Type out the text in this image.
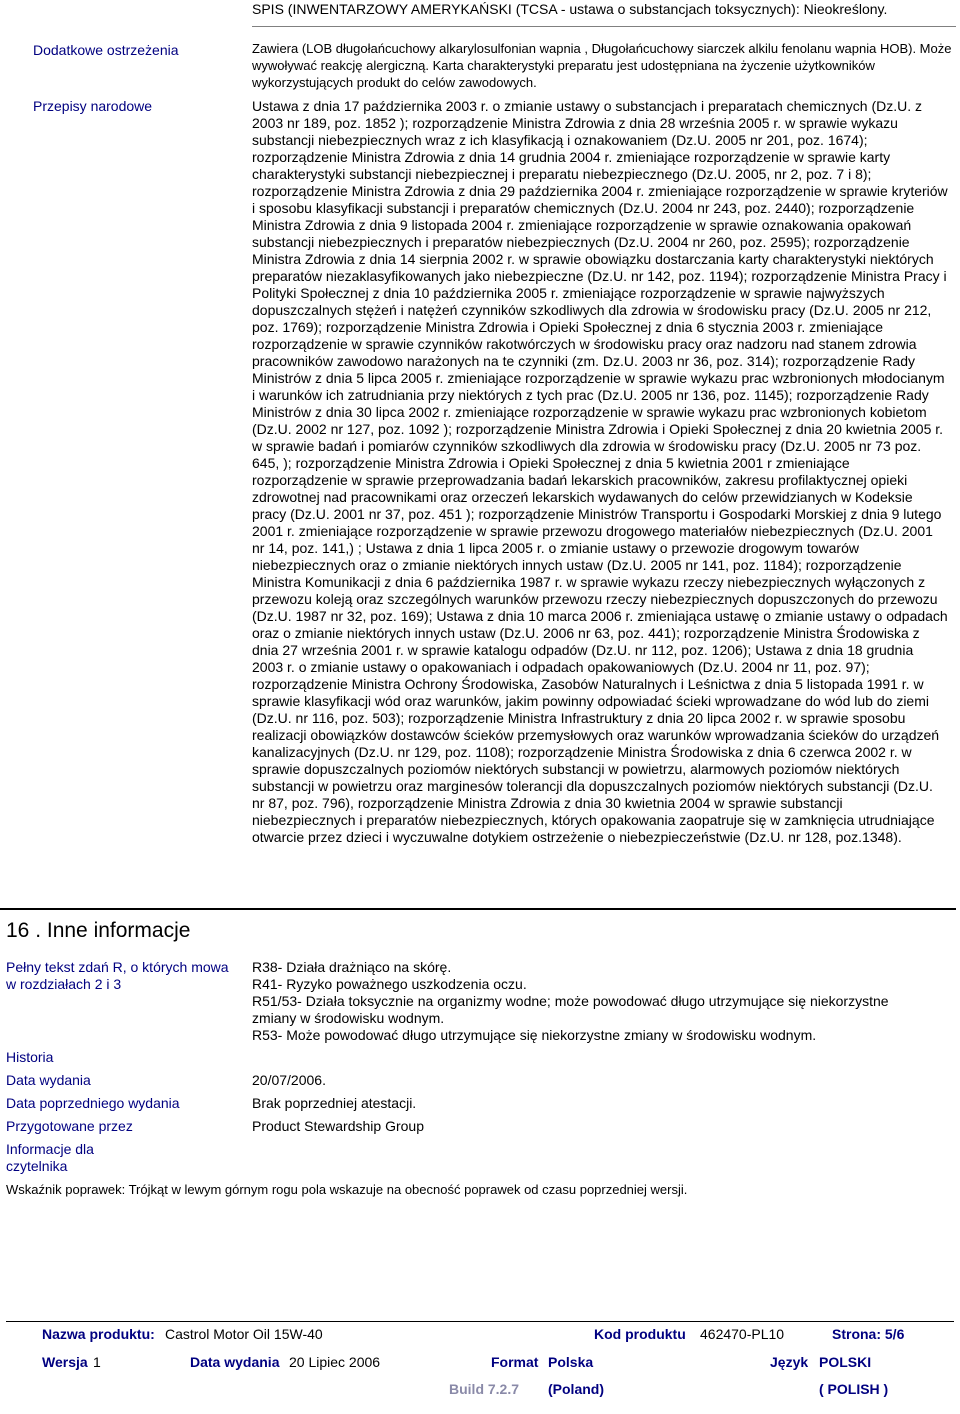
SPIS (INWENTARZOWY AMERYKAŃSKI (TCSA - ustawa o substancjach toksycznych): Nieokreślony.
Dodatkowe ostrzeżenia	Zawiera (LOB długołańcuchowy alkarylosulfonian wapnia , Długołańcuchowy siarczek alkilu fenolanu wapnia HOB). Może wywoływać reakcję alergiczną. Karta charakterystyki preparatu jest udostępniana na życzenie użytkowników wykorzystujących produkt do celów zawodowych.
Przepisy narodowe	Ustawa z dnia 17 października 2003 r. o zmianie ustawy o substancjach i preparatach chemicznych (Dz.U. z 2003 nr 189, poz. 1852 ); rozporządzenie Ministra Zdrowia z dnia 28 września 2005 r. w sprawie wykazu substancji niebezpiecznych wraz z ich klasyfikacją i oznakowaniem (Dz.U. 2005 nr 201, poz. 1674); rozporządzenie Ministra Zdrowia z dnia 14 grudnia 2004 r. zmieniające rozporządzenie w sprawie karty charakterystyki substancji niebezpiecznej i preparatu niebezpiecznego (Dz.U. 2005, nr 2, poz. 7 i 8); rozporządzenie Ministra Zdrowia z dnia 29 października 2004 r. zmieniające rozporządzenie w sprawie kryteriów i sposobu klasyfikacji substancji i preparatów chemicznych (Dz.U. 2004 nr 243, poz. 2440); rozporządzenie Ministra Zdrowia z dnia 9 listopada 2004 r. zmieniające rozporządzenie w sprawie oznakowania opakowań substancji niebezpiecznych i preparatów niebezpiecznych (Dz.U. 2004 nr 260, poz. 2595); rozporządzenie Ministra Zdrowia z dnia 14 sierpnia 2002 r. w sprawie obowiązku dostarczania karty charakterystyki niektórych preparatów niezaklasyfikowanych jako niebezpieczne (Dz.U. nr 142, poz. 1194); rozporządzenie Ministra Pracy i Polityki Społecznej z dnia 10 października 2005 r. zmieniające rozporządzenie w sprawie najwyższych dopuszczalnych stężeń i natężeń czynników szkodliwych dla zdrowia w środowisku pracy (Dz.U. 2005 nr 212, poz. 1769); rozporządzenie Ministra Zdrowia i Opieki Społecznej z dnia 6 stycznia 2003 r. zmieniające rozporządzenie w sprawie czynników rakotwórczych w środowisku pracy oraz nadzoru nad stanem zdrowia pracowników zawodowo narażonych na te czynniki (zm. Dz.U. 2003 nr 36, poz. 314); rozporządzenie Rady Ministrów z dnia 5 lipca 2005 r. zmieniające rozporządzenie w sprawie wykazu prac wzbronionych młodocianym i warunków ich zatrudniania przy niektórych z tych prac (Dz.U. 2005 nr 136, poz. 1145); rozporządzenie Rady Ministrów z dnia 30 lipca 2002 r. zmieniające rozporządzenie w sprawie wykazu prac wzbronionych kobietom (Dz.U. 2002 nr 127, poz. 1092 ); rozporządzenie Ministra Zdrowia i Opieki Społecznej z dnia 20 kwietnia 2005 r. w sprawie badań i pomiarów czynników szkodliwych dla zdrowia w środowisku pracy (Dz.U. 2005 nr 73 poz. 645, ); rozporządzenie Ministra Zdrowia i Opieki Społecznej z dnia 5 kwietnia 2001 r zmieniające rozporządzenie w sprawie przeprowadzania badań lekarskich pracowników, zakresu profilaktycznej opieki zdrowotnej nad pracownikami oraz orzeczeń lekarskich wydawanych do celów przewidzianych w Kodeksie pracy (Dz.U. 2001 nr 37, poz. 451 ); rozporządzenie Ministrów Transportu i Gospodarki Morskiej z dnia 9 lutego 2001 r. zmieniające rozporządzenie w sprawie przewozu drogowego materiałów niebezpiecznych (Dz.U. 2001 nr 14, poz. 141,) ; Ustawa z dnia 1 lipca 2005 r. o zmianie ustawy o przewozie drogowym towarów niebezpiecznych oraz o zmianie niektórych innych ustaw (Dz.U. 2005 nr 141, poz. 1184); rozporządzenie Ministra Komunikacji z dnia 6 października 1987 r. w sprawie wykazu rzeczy niebezpiecznych wyłączonych z przewozu koleją oraz szczególnych warunków przewozu rzeczy niebezpiecznych dopuszczonych do przewozu (Dz.U. 1987 nr 32, poz. 169); Ustawa z dnia 10 marca 2006 r. zmieniająca ustawę o zmianie ustawy o odpadach oraz o zmianie niektórych innych ustaw (Dz.U. 2006 nr 63, poz. 441); rozporządzenie Ministra Środowiska z dnia 27 września 2001 r. w sprawie katalogu odpadów (Dz.U. nr 112, poz. 1206); Ustawa z dnia 18 grudnia 2003 r. o zmianie ustawy o opakowaniach i odpadach opakowaniowych (Dz.U. 2004 nr 11, poz. 97); rozporządzenie Ministra Ochrony Środowiska, Zasobów Naturalnych i Leśnictwa z dnia 5 listopada 1991 r. w sprawie klasyfikacji wód oraz warunków, jakim powinny odpowiadać ścieki wprowadzane do wód lub do ziemi (Dz.U. nr 116, poz. 503); rozporządzenie Ministra Infrastruktury z dnia 20 lipca 2002 r. w sprawie sposobu realizacji obowiązków dostawców ścieków przemysłowych oraz warunków wprowadzania ścieków do urządzeń kanalizacyjnych (Dz.U. nr 129, poz. 1108); rozporządzenie Ministra Środowiska z dnia 6 czerwca 2002 r. w sprawie dopuszczalnych poziomów niektórych substancji w powietrzu, alarmowych poziomów niektórych substancji w powietrzu oraz marginesów tolerancji dla dopuszczalnych poziomów niektórych substancji (Dz.U. nr 87, poz. 796), rozporządzenie Ministra Zdrowia z dnia 30 kwietnia 2004 w sprawie substancji niebezpiecznych i preparatów niebezpiecznych, których opakowania zaopatruje się w zamknięcia utrudniające otwarcie przez dzieci i wyczuwalne dotykiem ostrzeżenie o niebezpieczeństwie (Dz.U. nr 128, poz.1348).
16 . Inne informacje
Pełny tekst zdań R, o których mowa w rozdziałach 2 i 3
R38- Działa drażniąco na skórę.
R41- Ryzyko poważnego uszkodzenia oczu.
R51/53- Działa toksycznie na organizmy wodne; może powodować długo utrzymujące się niekorzystne zmiany w środowisku wodnym.
R53- Może powodować długo utrzymujące się niekorzystne zmiany w środowisku wodnym.
Historia
Data wydania	20/07/2006.
Data poprzedniego wydania	Brak poprzedniej atestacji.
Przygotowane przez	Product Stewardship Group
Informacje dla czytelnika
Wskaźnik poprawek: Trójkąt w lewym górnym rogu pola wskazuje na obecność poprawek od czasu poprzedniej wersji.
Nazwa produktu: Castrol Motor Oil 15W-40	Kod produktu 462470-PL10	Strona: 5/6
Wersja 1	Data wydania 20 Lipiec 2006	Format Polska	Język POLSKI
Build 7.2.7 (Poland)	( POLISH )
